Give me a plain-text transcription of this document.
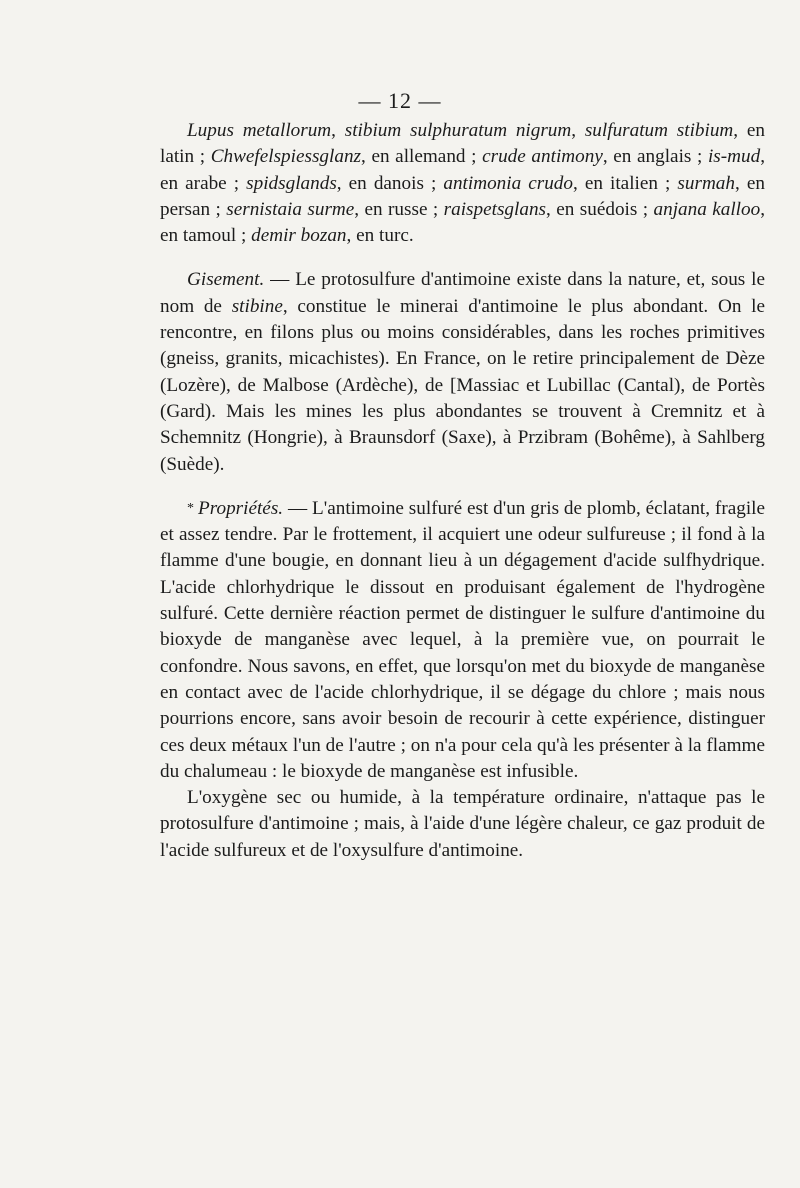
— 12 —

Lupus metallorum, stibium sulphuratum nigrum, sulfuratum stibium, en latin ; Chwefelspiessglanz, en allemand ; crude antimony, en anglais ; is-mud, en arabe ; spidsglands, en danois ; antimonia crudo, en italien ; surmah, en persan ; sernistaia surme, en russe ; raispetsglans, en suédois ; anjana kalloo, en tamoul ; demir bozan, en turc.

Gisement. — Le protosulfure d'antimoine existe dans la nature, et, sous le nom de stibine, constitue le minerai d'antimoine le plus abondant. On le rencontre, en filons plus ou moins considérables, dans les roches primitives (gneiss, granits, micachistes). En France, on le retire principalement de Dèze (Lozère), de Malbose (Ardèche), de [Massiac et Lubillac (Cantal), de Portès (Gard). Mais les mines les plus abondantes se trouvent à Cremnitz et à Schemnitz (Hongrie), à Braunsdorf (Saxe), à Przibram (Bohême), à Sahlberg (Suède).

* Propriétés. — L'antimoine sulfuré est d'un gris de plomb, éclatant, fragile et assez tendre. Par le frottement, il acquiert une odeur sulfureuse ; il fond à la flamme d'une bougie, en donnant lieu à un dégagement d'acide sulfhydrique. L'acide chlorhydrique le dissout en produisant également de l'hydrogène sulfuré. Cette dernière réaction permet de distinguer le sulfure d'antimoine du bioxyde de manganèse avec lequel, à la première vue, on pourrait le confondre. Nous savons, en effet, que lorsqu'on met du bioxyde de manganèse en contact avec de l'acide chlorhydrique, il se dégage du chlore ; mais nous pourrions encore, sans avoir besoin de recourir à cette expérience, distinguer ces deux métaux l'un de l'autre ; on n'a pour cela qu'à les présenter à la flamme du chalumeau : le bioxyde de manganèse est infusible.

L'oxygène sec ou humide, à la température ordinaire, n'attaque pas le protosulfure d'antimoine ; mais, à l'aide d'une légère chaleur, ce gaz produit de l'acide sulfureux et de l'oxysulfure d'antimoine.
